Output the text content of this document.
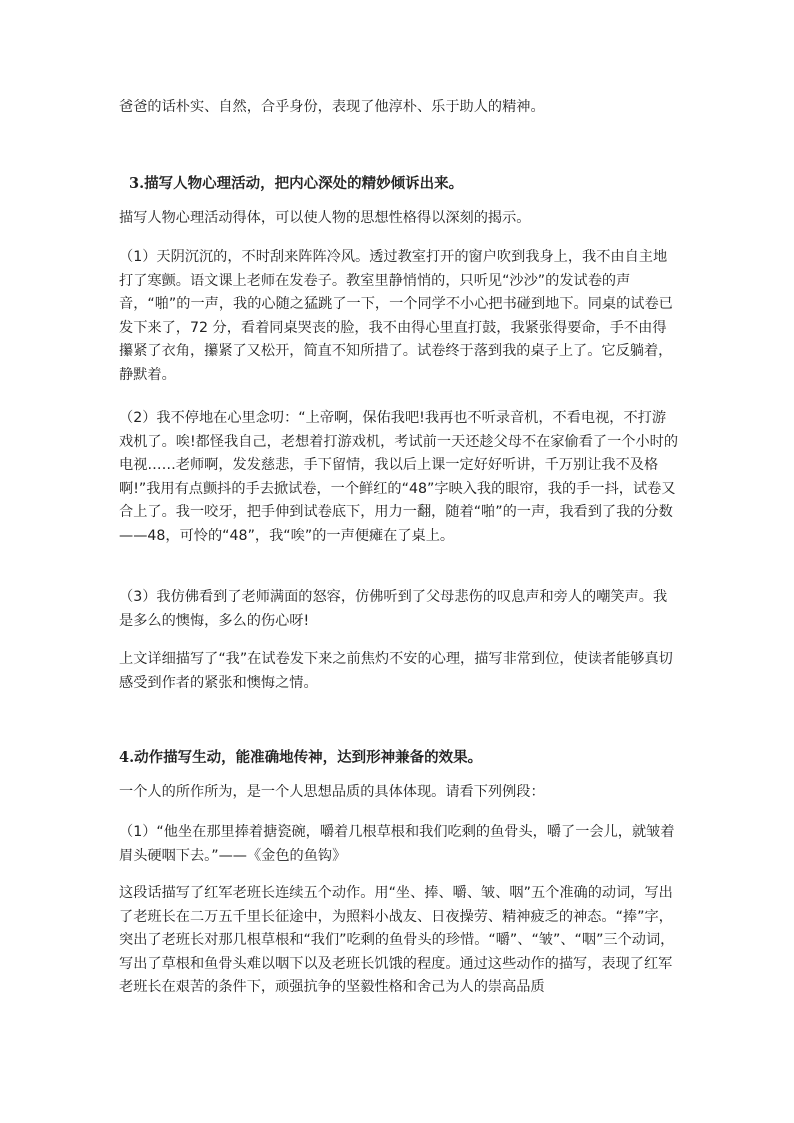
爸爸的话朴实、自然，合乎身份，表现了他淳朴、乐于助人的精神。

3.描写人物心理活动，把内心深处的精妙倾诉出来。

描写人物心理活动得体，可以使人物的思想性格得以深刻的揭示。

（1）天阴沉沉的，不时刮来阵阵冷风。透过教室打开的窗户吹到我身上，我不由自主地打了寒颤。语文课上老师在发卷子。教室里静悄悄的，只听见“沙沙”的发试卷的声音，“啪”的一声，我的心随之猛跳了一下，一个同学不小心把书碰到地下。同桌的试卷已发下来了，72 分，看着同桌哭丧的脸，我不由得心里直打鼓，我紧张得要命，手不由得攥紧了衣角，攥紧了又松开，简直不知所措了。试卷终于落到我的桌子上了。它反躺着，静默着。

（2）我不停地在心里念叨：“上帝啊，保佑我吧!我再也不听录音机，不看电视，不打游戏机了。唉!都怪我自己，老想着打游戏机，考试前一天还趁父母不在家偷看了一个小时的电视……老师啊，发发慈悲，手下留情，我以后上课一定好好听讲，千万别让我不及格啊!”我用有点颤抖的手去掀试卷，一个鲜红的“48”字映入我的眼帘，我的手一抖，试卷又合上了。我一咬牙，把手伸到试卷底下，用力一翻，随着“啪”的一声，我看到了我的分数——48，可怜的“48”，我“唉”的一声便瘫在了桌上。

（3）我仿佛看到了老师满面的怒容，仿佛听到了父母悲伤的叹息声和旁人的嘲笑声。我是多么的懊悔，多么的伤心呀!

上文详细描写了“我”在试卷发下来之前焦灼不安的心理，描写非常到位，使读者能够真切感受到作者的紧张和懊悔之情。

4.动作描写生动，能准确地传神，达到形神兼备的效果。

一个人的所作所为，是一个人思想品质的具体体现。请看下列例段：

（1）“他坐在那里捧着搪瓷碗，嚼着几根草根和我们吃剩的鱼骨头，嚼了一会儿，就皱着眉头硬咽下去。”——《金色的鱼钩》

这段话描写了红军老班长连续五个动作。用“坐、捧、嚼、皱、咽”五个准确的动词，写出了老班长在二万五千里长征途中，为照料小战友、日夜操劳、精神疲乏的神态。“捧”字，突出了老班长对那几根草根和“我们”吃剩的鱼骨头的珍惜。“嚼”、“皱”、“咽”三个动词，写出了草根和鱼骨头难以咽下以及老班长饥饿的程度。通过这些动作的描写，表现了红军老班长在艰苦的条件下，顽强抗争的坚毅性格和舍己为人的崇高品质
